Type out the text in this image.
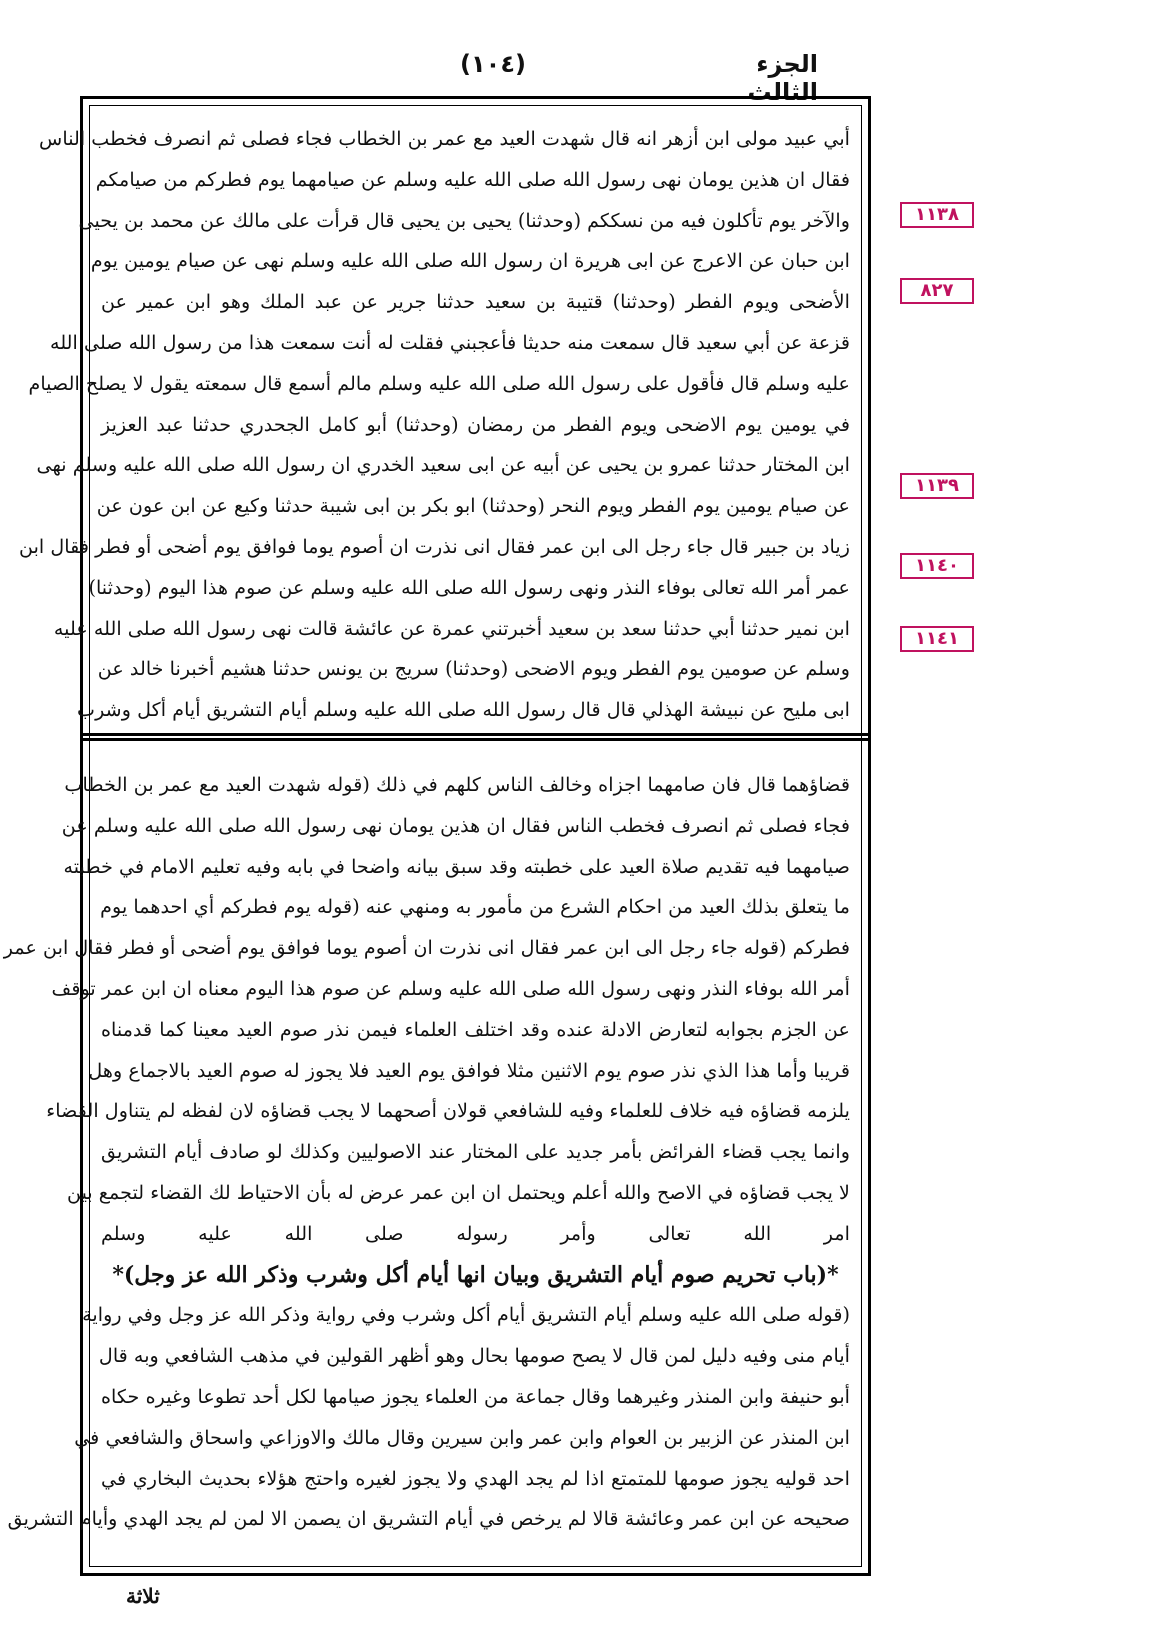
الجزء الثالث
(١٠٤)
أبي عبيد مولى ابن أزهر انه قال شهدت العيد مع عمر بن الخطاب فجاء فصلى ثم انصرف فخطب الناس
فقال ان هذين يومان نهى رسول الله صلى الله عليه وسلم عن صيامهما يوم فطركم من صيامكم
والآخر يوم تأكلون فيه من نسككم (وحدثنا) يحيى بن يحيى قال قرأت على مالك عن محمد بن يحيى
ابن حبان عن الاعرج عن ابى هريرة ان رسول الله صلى الله عليه وسلم نهى عن صيام يومين يوم
الأضحى ويوم الفطر (وحدثنا) قتيبة بن سعيد حدثنا جرير عن عبد الملك وهو ابن عمير عن
قزعة عن أبي سعيد قال سمعت منه حديثا فأعجبني فقلت له أنت سمعت هذا من رسول الله صلى الله
عليه وسلم قال فأقول على رسول الله صلى الله عليه وسلم مالم أسمع قال سمعته يقول لا يصلح الصيام
في يومين يوم الاضحى ويوم الفطر من رمضان (وحدثنا) أبو كامل الجحدري حدثنا عبد العزيز
ابن المختار حدثنا عمرو بن يحيى عن أبيه عن ابى سعيد الخدري ان رسول الله صلى الله عليه وسلم نهى
عن صيام يومين يوم الفطر ويوم النحر (وحدثنا) ابو بكر بن ابى شيبة حدثنا وكيع عن ابن عون عن
زياد بن جبير قال جاء رجل الى ابن عمر فقال انى نذرت ان أصوم يوما فوافق يوم أضحى أو فطر فقال ابن
عمر أمر الله تعالى بوفاء النذر ونهى رسول الله صلى الله عليه وسلم عن صوم هذا اليوم (وحدثنا)
ابن نمير حدثنا أبي حدثنا سعد بن سعيد أخبرتني عمرة عن عائشة قالت نهى رسول الله صلى الله عليه
وسلم عن صومين يوم الفطر ويوم الاضحى (وحدثنا) سريج بن يونس حدثنا هشيم أخبرنا خالد عن
ابى مليح عن نبيشة الهذلي قال قال رسول الله صلى الله عليه وسلم أيام التشريق أيام أكل وشرب
قضاؤهما قال فان صامهما اجزاه وخالف الناس كلهم في ذلك (قوله شهدت العيد مع عمر بن الخطاب
فجاء فصلى ثم انصرف فخطب الناس فقال ان هذين يومان نهى رسول الله صلى الله عليه وسلم عن
صيامهما فيه تقديم صلاة العيد على خطبته وقد سبق بيانه واضحا في بابه وفيه تعليم الامام في خطبته
ما يتعلق بذلك العيد من احكام الشرع من مأمور به ومنهي عنه (قوله يوم فطركم أي احدهما يوم
فطركم (قوله جاء رجل الى ابن عمر فقال انى نذرت ان أصوم يوما فوافق يوم أضحى أو فطر فقال ابن عمر
أمر الله بوفاء النذر ونهى رسول الله صلى الله عليه وسلم عن صوم هذا اليوم معناه ان ابن عمر توقف
عن الجزم بجوابه لتعارض الادلة عنده وقد اختلف العلماء فيمن نذر صوم العيد معينا كما قدمناه
قريبا وأما هذا الذي نذر صوم يوم الاثنين مثلا فوافق يوم العيد فلا يجوز له صوم العيد بالاجماع وهل
يلزمه قضاؤه فيه خلاف للعلماء وفيه للشافعي قولان أصحهما لا يجب قضاؤه لان لفظه لم يتناول القضاء
وانما يجب قضاء الفرائض بأمر جديد على المختار عند الاصوليين وكذلك لو صادف أيام التشريق
لا يجب قضاؤه في الاصح والله أعلم ويحتمل ان ابن عمر عرض له بأن الاحتياط لك القضاء لتجمع بين
امر الله تعالى وأمر رسوله صلى الله عليه وسلم
*(باب تحريم صوم أيام التشريق وبيان انها أيام أكل وشرب وذكر الله عز وجل)*
(قوله صلى الله عليه وسلم أيام التشريق أيام أكل وشرب وفي رواية وذكر الله عز وجل وفي رواية
أيام منى وفيه دليل لمن قال لا يصح صومها بحال وهو أظهر القولين في مذهب الشافعي وبه قال
أبو حنيفة وابن المنذر وغيرهما وقال جماعة من العلماء يجوز صيامها لكل أحد تطوعا وغيره حكاه
ابن المنذر عن الزبير بن العوام وابن عمر وابن سيرين وقال مالك والاوزاعي واسحاق والشافعي في
احد قوليه يجوز صومها للمتمتع اذا لم يجد الهدي ولا يجوز لغيره واحتج هؤلاء بحديث البخاري في
صحيحه عن ابن عمر وعائشة قالا لم يرخص في أيام التشريق ان يصمن الا لمن لم يجد الهدي وأيام التشريق
١١٣٨
٨٢٧
١١٣٩
١١٤٠
١١٤١
ثلاثة
